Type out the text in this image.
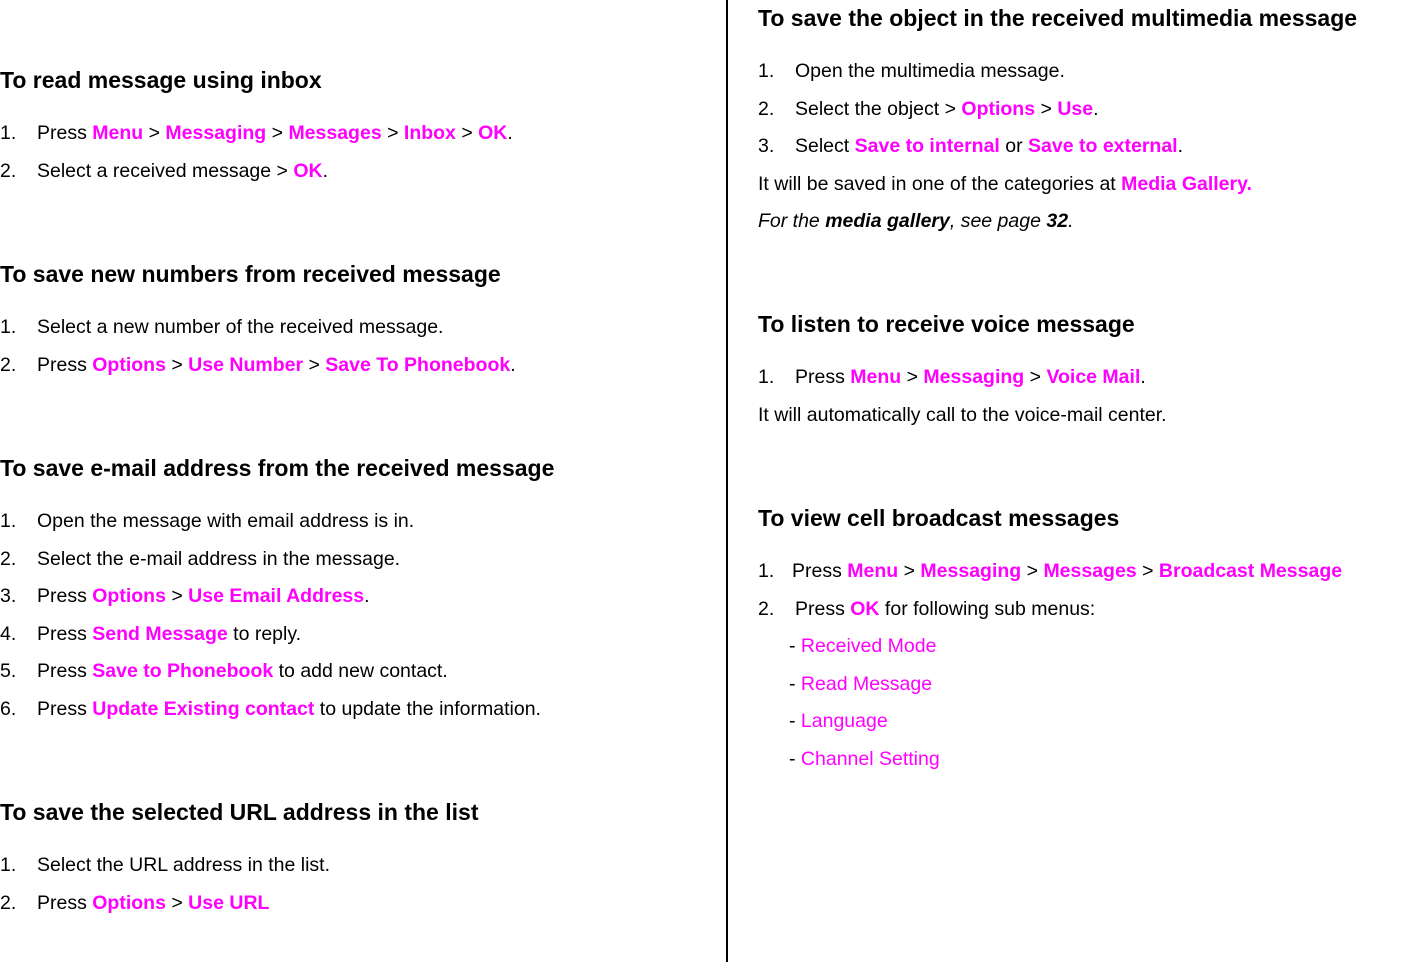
To read message using inbox
1. Press Menu > Messaging > Messages > Inbox > OK.
2. Select a received message > OK.
To save new numbers from received message
1. Select a new number of the received message.
2. Press Options > Use Number > Save To Phonebook.
To save e-mail address from the received message
1. Open the message with email address is in.
2. Select the e-mail address in the message.
3. Press Options > Use Email Address.
4. Press Send Message to reply.
5. Press Save to Phonebook to add new contact.
6. Press Update Existing contact to update the information.
To save the selected URL address in the list
1. Select the URL address in the list.
2. Press Options > Use URL
To save the object in the received multimedia message
1. Open the multimedia message.
2. Select the object > Options > Use.
3. Select Save to internal or Save to external.
It will be saved in one of the categories at Media Gallery.
For the media gallery, see page 32.
To listen to receive voice message
1. Press Menu > Messaging > Voice Mail.
It will automatically call to the voice-mail center.
To view cell broadcast messages
1. Press Menu > Messaging > Messages > Broadcast Message
2. Press OK for following sub menus:
- Received Mode
- Read Message
- Language
- Channel Setting
